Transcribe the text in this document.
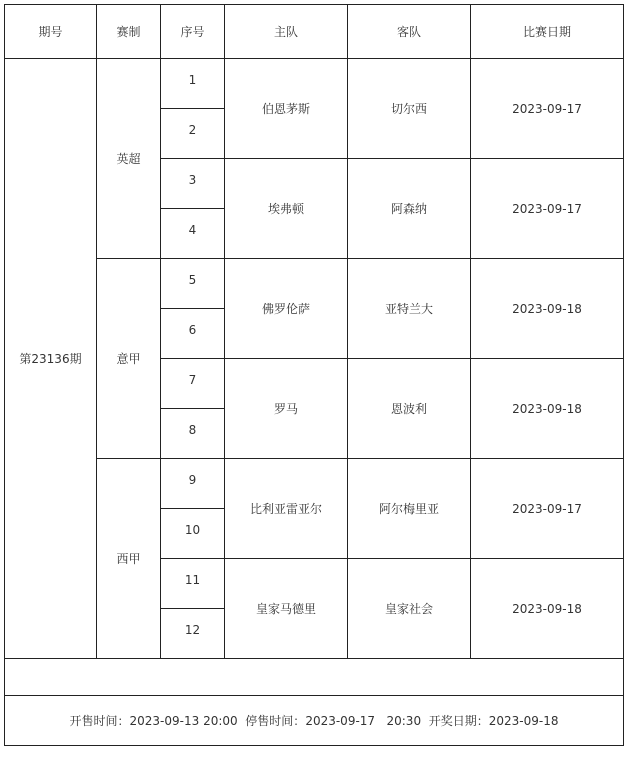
期号	赛制	序号	主队	客队	比赛日期
第23136期	英超	1	伯恩茅斯	切尔西	2023-09-17
		2			
		3	埃弗顿	阿森纳	2023-09-17
		4			
	意甲	5	佛罗伦萨	亚特兰大	2023-09-18
		6			
		7	罗马	恩波利	2023-09-18
		8			
	西甲	9	比利亚雷亚尔	阿尔梅里亚	2023-09-17
		10			
		11	皇家马德里	皇家社会	2023-09-18
		12			

开售时间：2023-09-13 20:00 停售时间：2023-09-17   20:30 开奖日期：2023-09-18					
